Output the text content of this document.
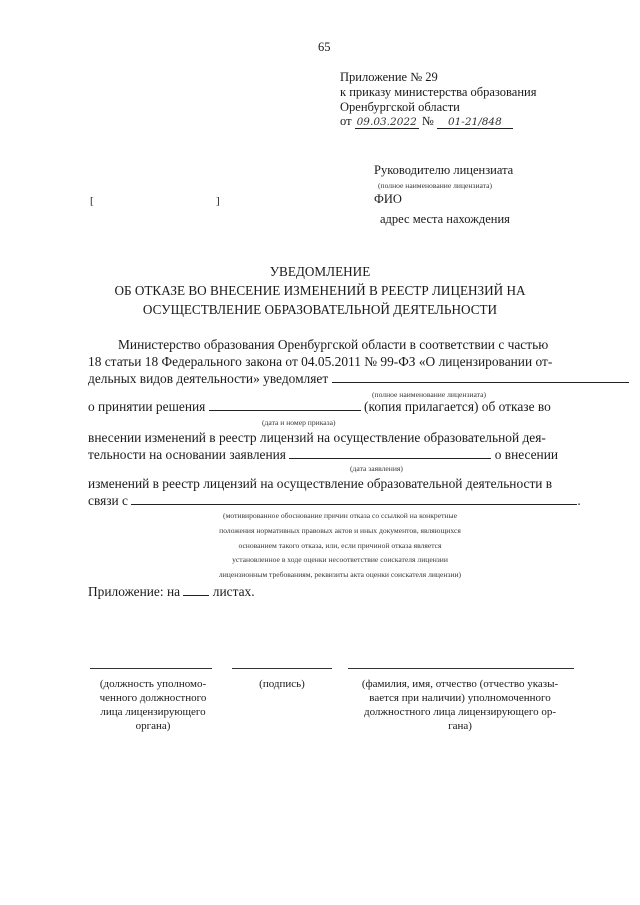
65
Приложение № 29
к приказу министерства образования
Оренбургской области
от 09.03.2022 № 01-21/848
Руководителю лицензиата
(полное наименование лицензиата)
ФИО
адрес места нахождения
[	]
УВЕДОМЛЕНИЕ
ОБ ОТКАЗЕ ВО ВНЕСЕНИЕ ИЗМЕНЕНИЙ В РЕЕСТР ЛИЦЕНЗИЙ НА
ОСУЩЕСТВЛЕНИЕ ОБРАЗОВАТЕЛЬНОЙ ДЕЯТЕЛЬНОСТИ
Министерство образования Оренбургской области в соответствии с частью
18 статьи 18 Федерального закона от 04.05.2011 № 99-ФЗ «О лицензировании от-
дельных видов деятельности» уведомляет
(полное наименование лицензиата)
о принятии решения	(копия прилагается) об отказе во
(дата и номер приказа)
внесении изменений в реестр лицензий на осуществление образовательной дея-
тельности на основании заявления	о внесении
(дата заявления)
изменений в реестр лицензий на осуществление образовательной деятельности в
связи с	.
(мотивированное обоснование причин отказа со ссылкой на конкретные
положения нормативных правовых актов и иных документов, являющихся
основанием такого отказа, или, если причиной отказа является
установленное в ходе оценки несоответствие соискателя лицензии
лицензионным требованиям, реквизиты акта оценки соискателя лицензии)
Приложение: на листах.
(должность уполномо-
ченного должностного
лица лицензирующего
органа)
(подпись)	(фамилия, имя, отчество (отчество указы-
вается при наличии) уполномоченного
должностного лица лицензирующего ор-
гана)
